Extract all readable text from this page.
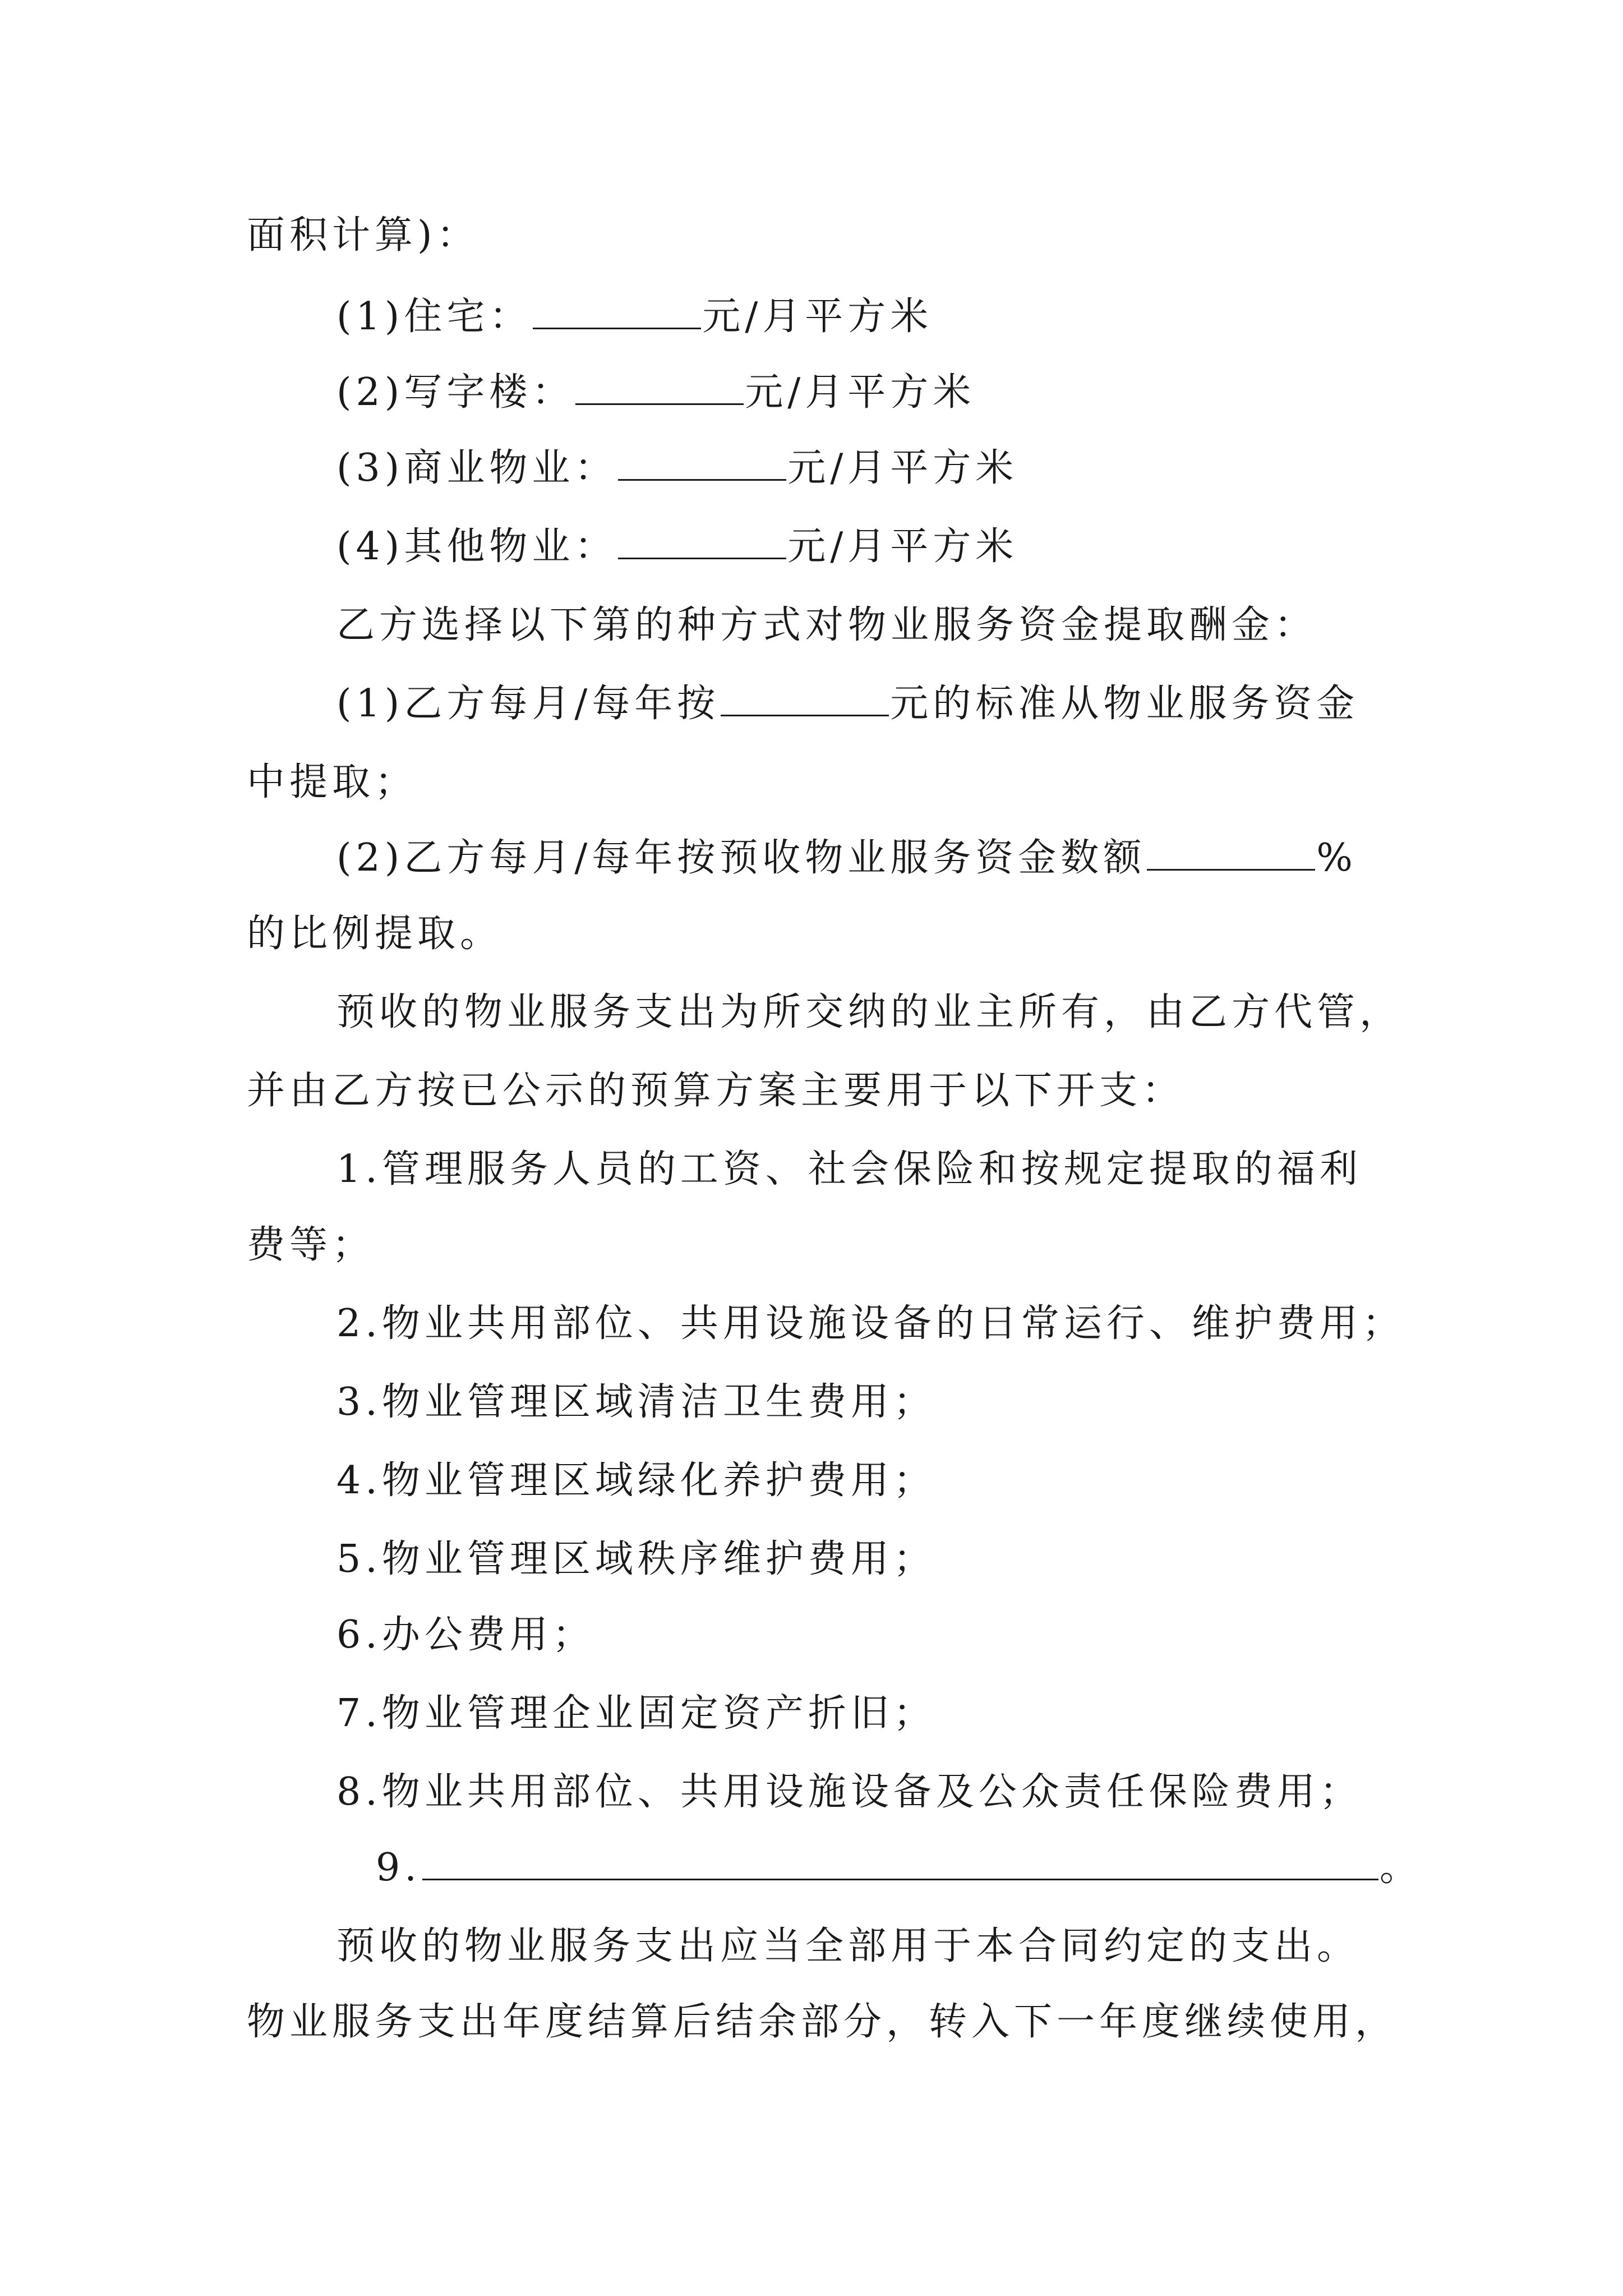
面积计算)：
(1)住宅：	元/月平方米
(2)写字楼：	元/月平方米
(3)商业物业：	元/月平方米
(4)其他物业：	元/月平方米
乙方选择以下第的种方式对物业服务资金提取酬金：
(1)乙方每月/每年按	元的标准从物业服务资金
中提取；
(2)乙方每月/每年按预收物业服务资金数额	%
的比例提取。
预收的物业服务支出为所交纳的业主所有，由乙方代管，
并由乙方按已公示的预算方案主要用于以下开支：
1.管理服务人员的工资、社会保险和按规定提取的福利
费等；
2.物业共用部位、共用设施设备的日常运行、维护费用；
3.物业管理区域清洁卫生费用；
4.物业管理区域绿化养护费用；
5.物业管理区域秩序维护费用；
6.办公费用；
7.物业管理企业固定资产折旧；
8.物业共用部位、共用设施设备及公众责任保险费用；
9.	。
预收的物业服务支出应当全部用于本合同约定的支出。
物业服务支出年度结算后结余部分，转入下一年度继续使用，
